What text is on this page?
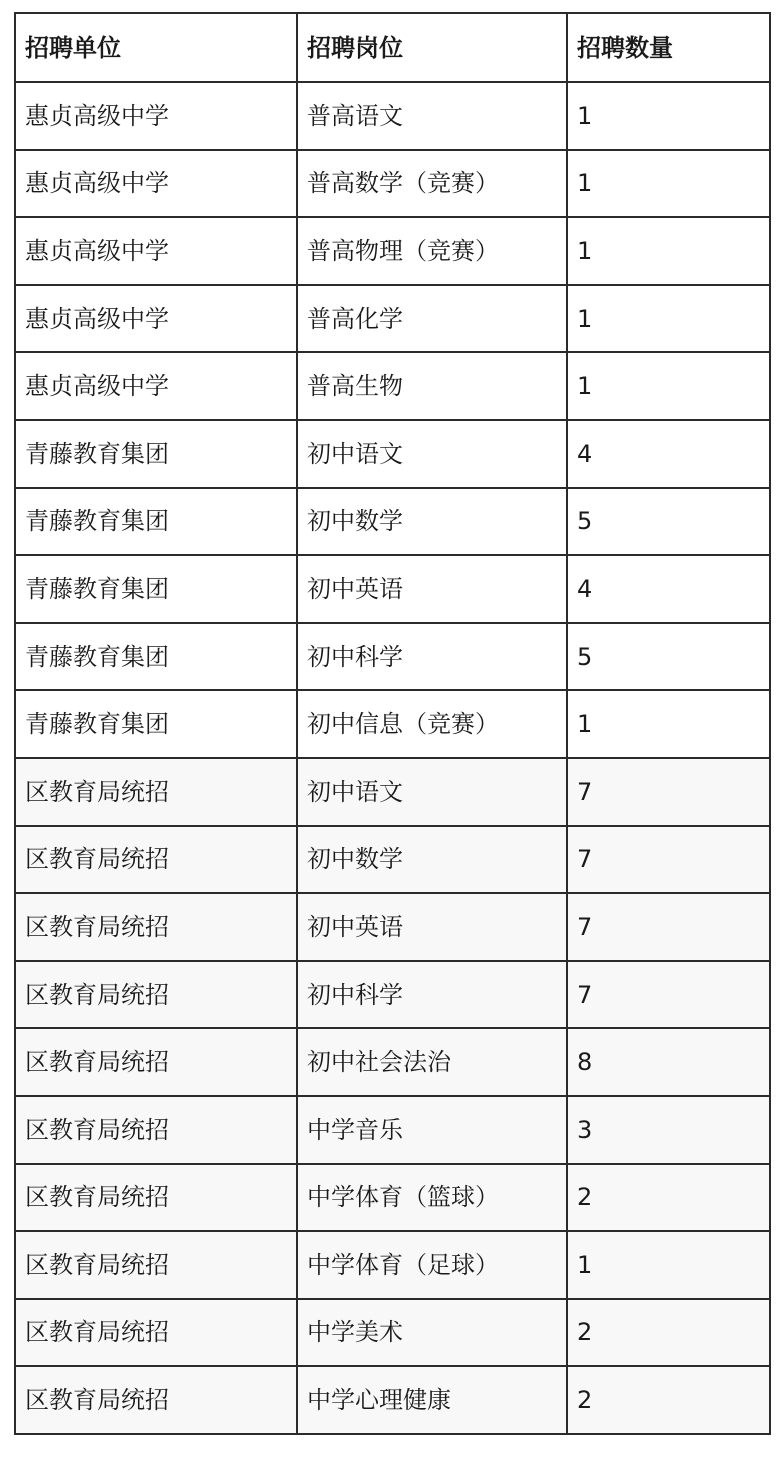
招聘单位	招聘岗位	招聘数量
惠贞高级中学	普高语文	1
惠贞高级中学	普高数学（竞赛）	1
惠贞高级中学	普高物理（竞赛）	1
惠贞高级中学	普高化学	1
惠贞高级中学	普高生物	1
青藤教育集团	初中语文	4
青藤教育集团	初中数学	5
青藤教育集团	初中英语	4
青藤教育集团	初中科学	5
青藤教育集团	初中信息（竞赛）	1
区教育局统招	初中语文	7
区教育局统招	初中数学	7
区教育局统招	初中英语	7
区教育局统招	初中科学	7
区教育局统招	初中社会法治	8
区教育局统招	中学音乐	3
区教育局统招	中学体育（篮球）	2
区教育局统招	中学体育（足球）	1
区教育局统招	中学美术	2
区教育局统招	中学心理健康	2
